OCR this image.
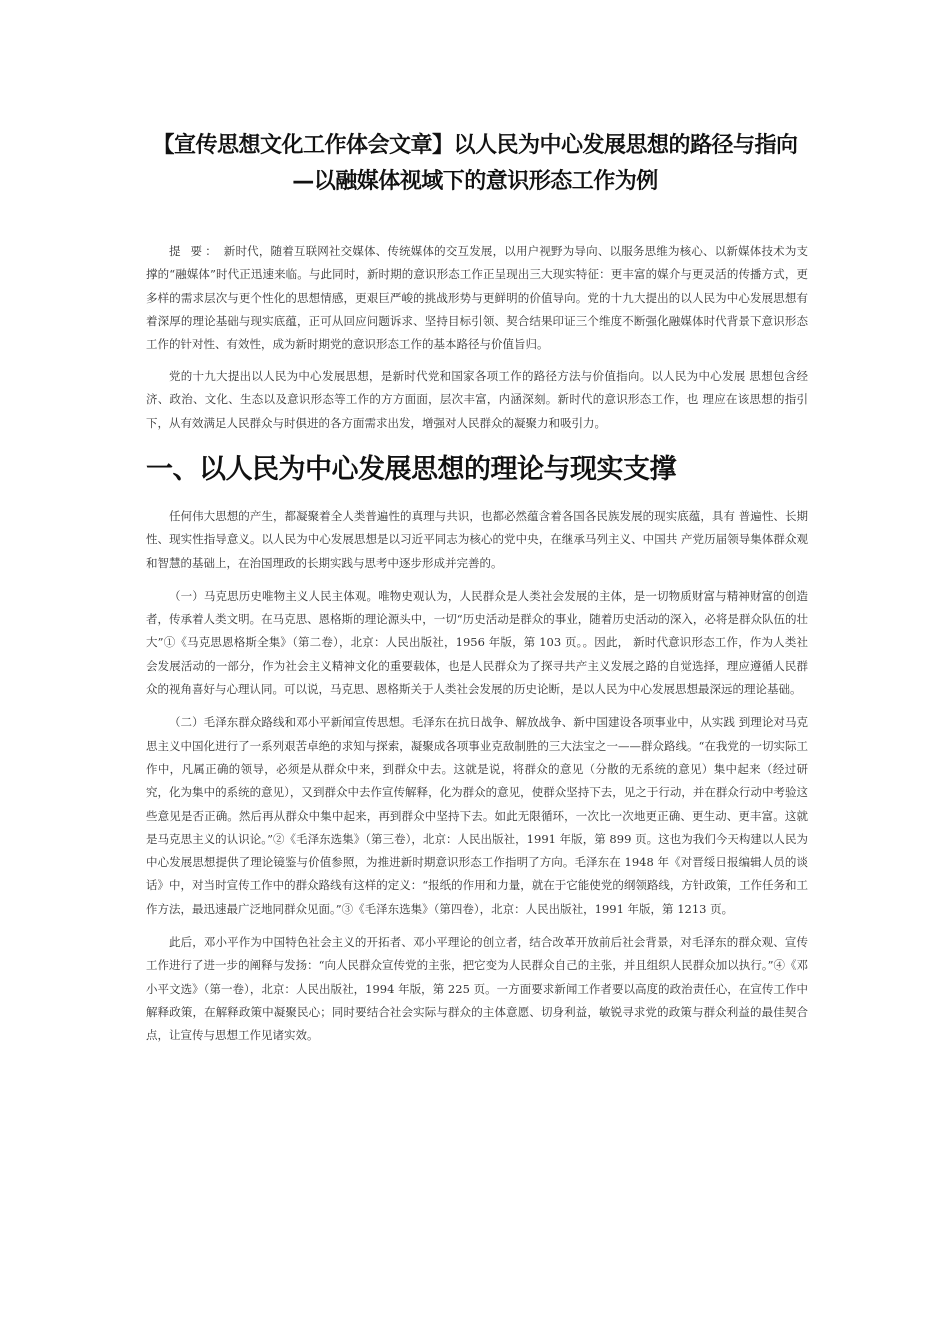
【宣传思想文化工作体会文章】以人民为中心发展思想的路径与指向
—以融媒体视域下的意识形态工作为例

提 要： 新时代，随着互联网社交媒体、传统媒体的交互发展，以用户视野为导向、以服务思维为核心、以新媒体技术为支撑的“融媒体”时代正迅速来临。与此同时，新时期的意识形态工作正呈现出三大现实特征：更丰富的媒介与更灵活的传播方式，更多样的需求层次与更个性化的思想情感，更艰巨严峻的挑战形势与更鲜明的价值导向。党的十九大提出的以人民为中心发展思想有着深厚的理论基础与现实底蕴，正可从回应问题诉求、坚持目标引领、契合结果印证三个维度不断强化融媒体时代背景下意识形态工作的针对性、有效性，成为新时期党的意识形态工作的基本路径与价值旨归。

党的十九大提出以人民为中心发展思想，是新时代党和国家各项工作的路径方法与价值指向。以人民为中心发展 思想包含经济、政治、文化、生态以及意识形态等工作的方方面面，层次丰富，内涵深刻。新时代的意识形态工作，也 理应在该思想的指引下，从有效满足人民群众与时俱进的各方面需求出发，增强对人民群众的凝聚力和吸引力。

一、以人民为中心发展思想的理论与现实支撑

任何伟大思想的产生，都凝聚着全人类普遍性的真理与共识，也都必然蕴含着各国各民族发展的现实底蕴，具有 普遍性、长期性、现实性指导意义。以人民为中心发展思想是以习近平同志为核心的党中央，在继承马列主义、中国共 产党历届领导集体群众观和智慧的基础上，在治国理政的长期实践与思考中逐步形成并完善的。

（一）马克思历史唯物主义人民主体观。唯物史观认为，人民群众是人类社会发展的主体，是一切物质财富与精神财富的创造者，传承着人类文明。在马克思、恩格斯的理论源头中，一切“历史活动是群众的事业，随着历史活动的深入，必将是群众队伍的壮大”①《马克思恩格斯全集》（第二卷），北京：人民出版社，1956 年版，第 103 页。。因此， 新时代意识形态工作，作为人类社会发展活动的一部分，作为社会主义精神文化的重要载体，也是人民群众为了探寻共产主义发展之路的自觉选择，理应遵循人民群众的视角喜好与心理认同。可以说，马克思、恩格斯关于人类社会发展的历史论断，是以人民为中心发展思想最深远的理论基础。

（二）毛泽东群众路线和邓小平新闻宣传思想。毛泽东在抗日战争、解放战争、新中国建设各项事业中，从实践 到理论对马克思主义中国化进行了一系列艰苦卓绝的求知与探索，凝聚成各项事业克敌制胜的三大法宝之一——群众路线。“在我党的一切实际工作中，凡属正确的领导，必须是从群众中来，到群众中去。这就是说，将群众的意见（分散的无系统的意见）集中起来（经过研究，化为集中的系统的意见），又到群众中去作宣传解释，化为群众的意见，使群众坚持下去，见之于行动，并在群众行动中考验这些意见是否正确。然后再从群众中集中起来，再到群众中坚持下去。如此无限循环，一次比一次地更正确、更生动、更丰富。这就是马克思主义的认识论。”②《毛泽东选集》（第三卷），北京：人民出版社，1991 年版，第 899 页。这也为我们今天构建以人民为中心发展思想提供了理论镜鉴与价值参照，为推进新时期意识形态工作指明了方向。毛泽东在 1948 年《对晋绥日报编辑人员的谈话》中，对当时宣传工作中的群众路线有这样的定义：“报纸的作用和力量，就在于它能使党的纲领路线，方针政策，工作任务和工作方法，最迅速最广泛地同群众见面。”③《毛泽东选集》（第四卷），北京：人民出版社，1991 年版，第 1213 页。

此后，邓小平作为中国特色社会主义的开拓者、邓小平理论的创立者，结合改革开放前后社会背景，对毛泽东的群众观、宣传工作进行了进一步的阐释与发扬：“向人民群众宣传党的主张，把它变为人民群众自己的主张，并且组织人民群众加以执行。”④《邓小平文选》（第一卷），北京：人民出版社，1994 年版，第 225 页。一方面要求新闻工作者要以高度的政治责任心，在宣传工作中解释政策，在解释政策中凝聚民心；同时要结合社会实际与群众的主体意愿、切身利益，敏锐寻求党的政策与群众利益的最佳契合点，让宣传与思想工作见诸实效。
